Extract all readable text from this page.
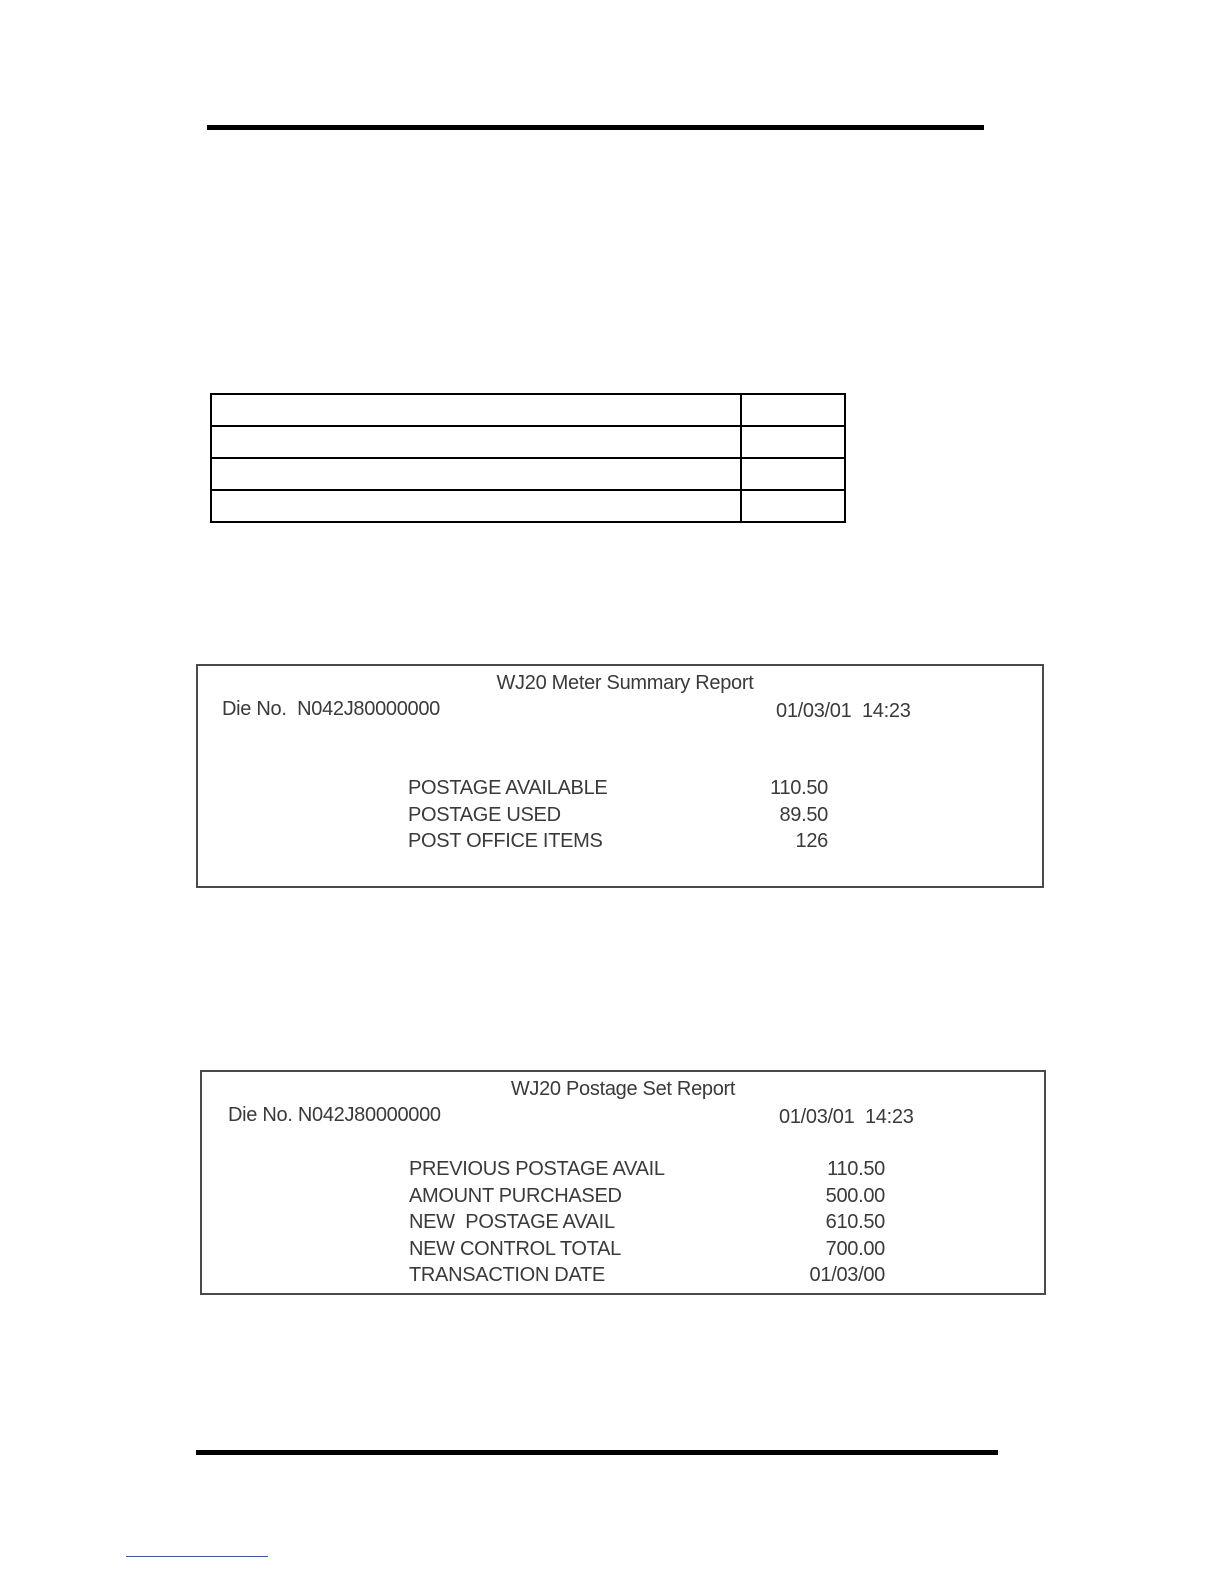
WJ20 Meter Summary Report
Die No. N042J80000000	01/03/01  14:23
POSTAGE AVAILABLE	110.50
POSTAGE USED	89.50
POST OFFICE ITEMS	126
WJ20 Postage Set Report
Die No. N042J80000000	01/03/01  14:23
PREVIOUS POSTAGE AVAIL	110.50
AMOUNT PURCHASED	500.00
NEW  POSTAGE AVAIL	610.50
NEW CONTROL TOTAL	700.00
TRANSACTION DATE	01/03/00
